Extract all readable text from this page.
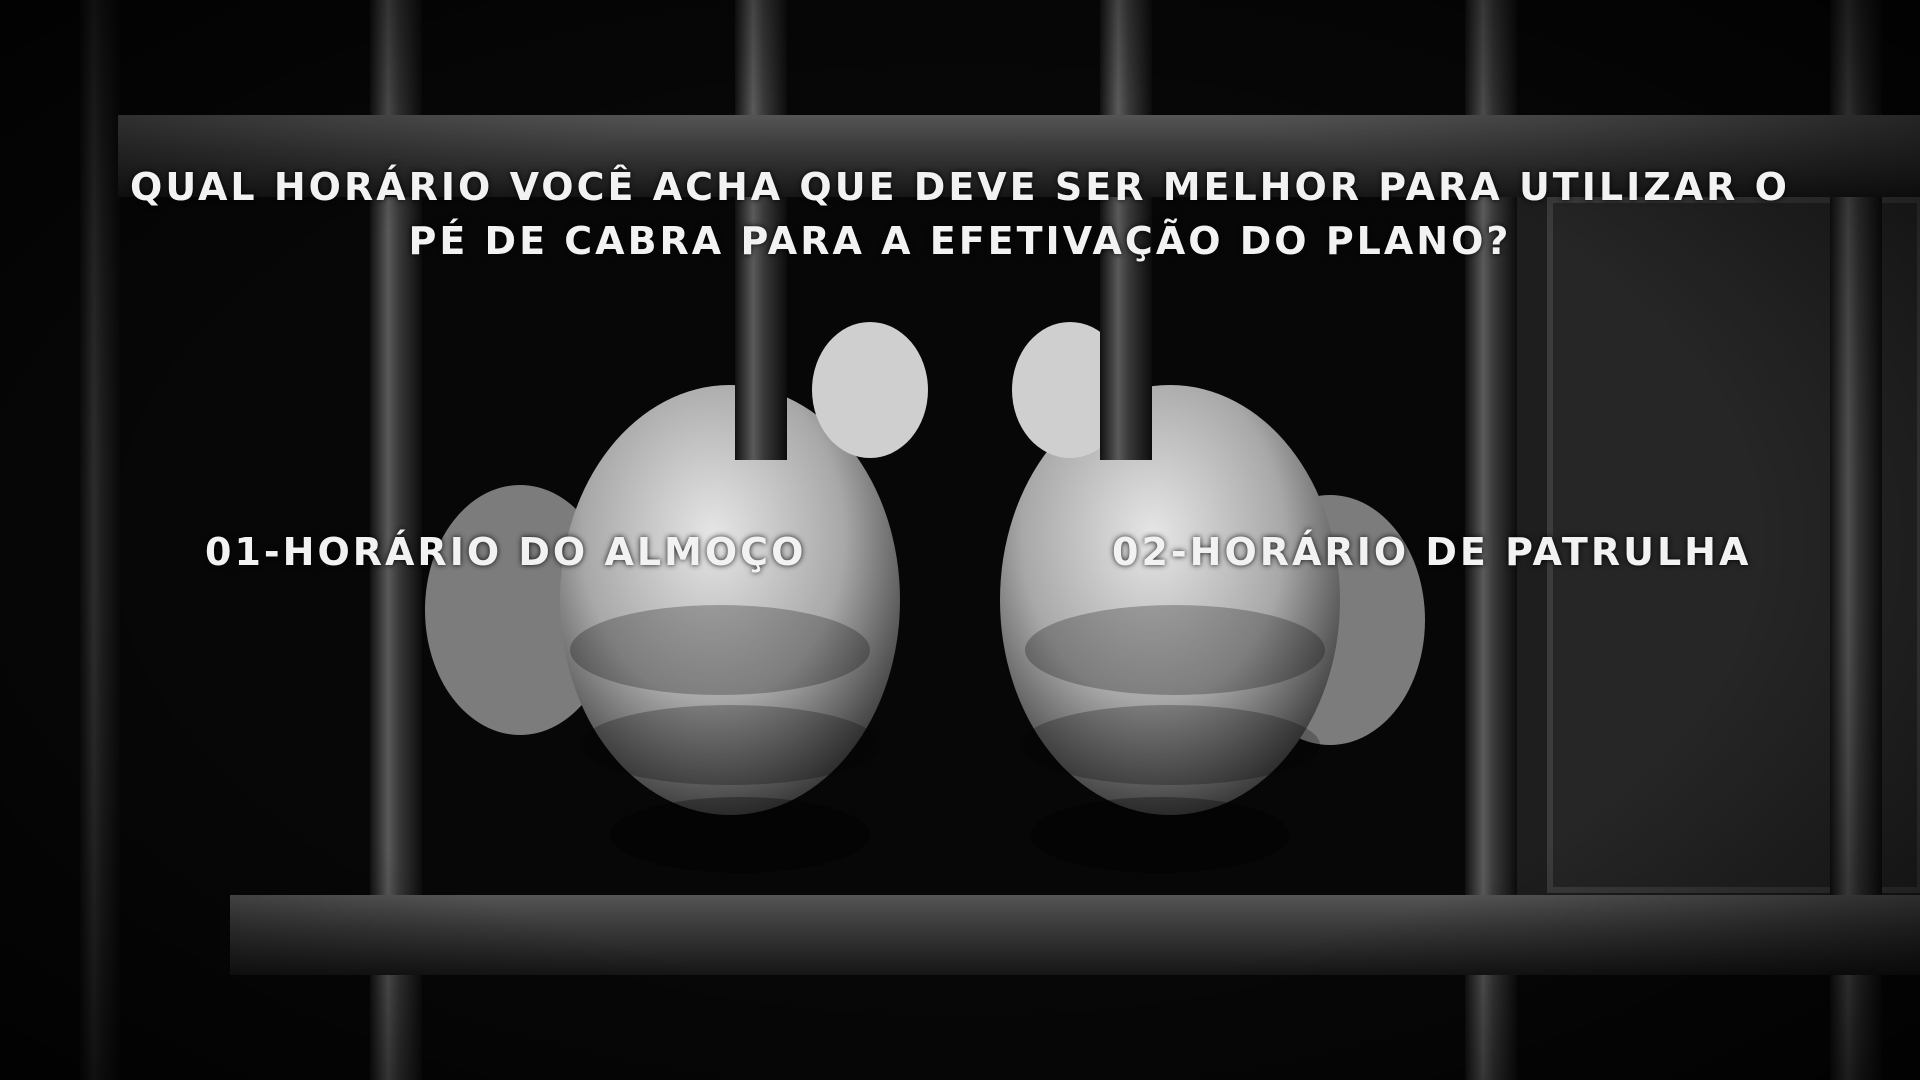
QUAL HORÁRIO VOCÊ ACHA QUE DEVE SER MELHOR PARA UTILIZAR O PÉ DE CABRA PARA A EFETIVAÇÃO DO PLANO?

01-HORÁRIO DO ALMOÇO	02-HORÁRIO DE PATRULHA
